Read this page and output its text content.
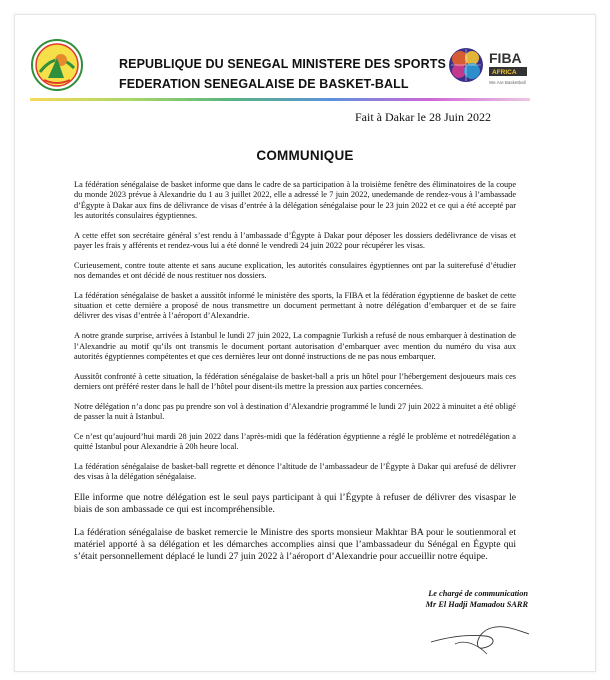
FIBA
AFRICA
We Are Basketball
REPUBLIQUE DU SENEGAL MINISTERE DES SPORTS
FEDERATION SENEGALAISE DE BASKET-BALL
Fait à Dakar le 28 Juin 2022
COMMUNIQUE

La fédération sénégalaise de basket informe que dans le cadre de sa participation à la troisième fenêtre des éliminatoires de la coupe du monde 2023 prévue à Alexandrie du 1 au 3 juillet 2022, elle a adressé le 7 juin 2022, unedemande de rendez-vous à l’ambassade d’Égypte à Dakar aux fins de délivrance de visas d’entrée à la délégation sénégalaise pour le 23 juin 2022 et ce qui a été accepté par les autorités consulaires égyptiennes.

A cette effet son secrétaire général s’est rendu à l’ambassade d’Égypte à Dakar pour déposer les dossiers dedélivrance de visas et payer les frais y afférents et rendez-vous lui a été donné le vendredi 24 juin 2022 pour récupérer les visas.

Curieusement, contre toute attente et sans aucune explication, les autorités consulaires égyptiennes ont par la suiterefusé d’étudier nos demandes et ont décidé de nous restituer nos dossiers.

La fédération sénégalaise de basket a aussitôt informé le ministère des sports, la FIBA et la fédération égyptienne de basket de cette situation et cette dernière a proposé de nous transmettre un document permettant à notre délégation d’embarquer et de se faire délivrer des visas d’entrée à l’aéroport d’Alexandrie.

A notre grande surprise, arrivées à Istanbul le lundi 27 juin 2022, La compagnie Turkish a refusé de nous embarquer à destination de l’Alexandrie au motif qu’ils ont transmis le document portant autorisation d’embarquer avec mention du numéro du visa aux autorités égyptiennes compétentes et que ces dernières leur ont donné instructions de ne pas nous embarquer.

Aussitôt confronté à cette situation, la fédération sénégalaise de basket-ball a pris un hôtel pour l’hébergement desjoueurs mais ces derniers ont préféré rester dans le hall de l’hôtel pour disent-ils mettre la pression aux parties concernées.

Notre délégation n’a donc pas pu prendre son vol à destination d’Alexandrie programmé le lundi 27 juin 2022 à minuitet a été obligé de passer la nuit à Istanbul.

Ce n’est qu’aujourd’hui mardi 28 juin 2022 dans l’après-midi que la fédération égyptienne a réglé le problème et notredélégation a quitté Istanbul pour Alexandrie à 20h heure local.

La fédération sénégalaise de basket-ball regrette et dénonce l’altitude de l’ambassadeur de l’Égypte à Dakar qui arefusé de délivrer des visas à la délégation sénégalaise.

Elle informe que notre délégation est le seul pays participant à qui l’Égypte à refuser de délivrer des visaspar le biais de son ambassade ce qui est incompréhensible.

La fédération sénégalaise de basket remercie le Ministre des sports monsieur Makhtar BA pour le soutienmoral et matériel apporté à sa délégation et les démarches accomplies ainsi que l’ambassadeur du Sénégal en Égypte qui s’était personnellement déplacé le lundi 27 juin 2022 à l’aéroport d’Alexandrie pour accueillir notre équipe.

Le chargé de communication
Mr El Hadji Mamadou SARR
